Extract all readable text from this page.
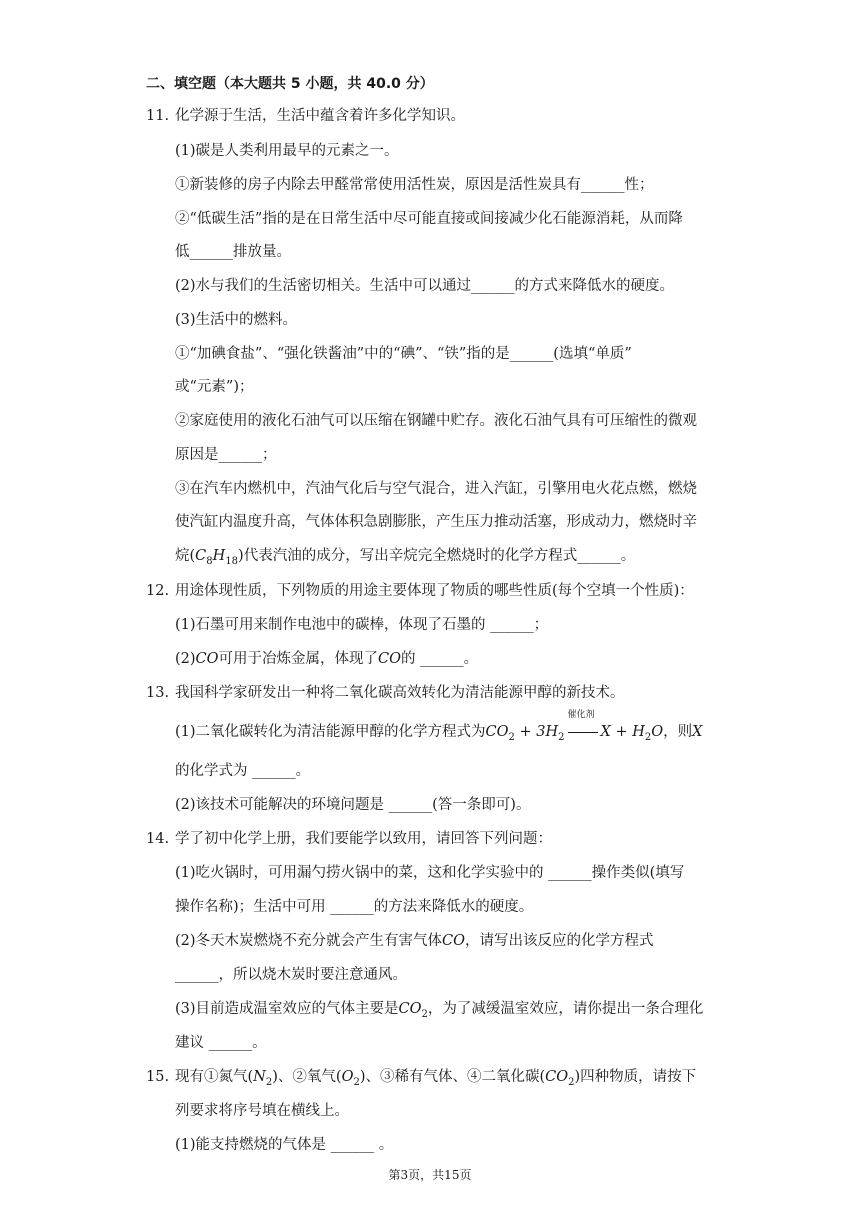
二、填空题（本大题共 5 小题，共 40.0 分）
11. 化学源于生活，生活中蕴含着许多化学知识。
(1)碳是人类利用最早的元素之一。
①新装修的房子内除去甲醛常常使用活性炭，原因是活性炭具有______性；
②“低碳生活”指的是在日常生活中尽可能直接或间接减少化石能源消耗，从而降
低______排放量。
(2)水与我们的生活密切相关。生活中可以通过______的方式来降低水的硬度。
(3)生活中的燃料。
①“加碘食盐”、“强化铁酱油”中的“碘”、“铁”指的是______(选填“单质”
或“元素”)；
②家庭使用的液化石油气可以压缩在钢罐中贮存。液化石油气具有可压缩性的微观
原因是______；
③在汽车内燃机中，汽油气化后与空气混合，进入汽缸，引擎用电火花点燃，燃烧
使汽缸内温度升高，气体体积急剧膨胀，产生压力推动活塞，形成动力，燃烧时辛
烷$(C_8H_{18})$代表汽油的成分，写出辛烷完全燃烧时的化学方程式______。
12. 用途体现性质，下列物质的用途主要体现了物质的哪些性质(每个空填一个性质)：
(1)石墨可用来制作电池中的碳棒，体现了石墨的 ______；
(2)CO可用于冶炼金属，体现了CO的 ______。
13. 我国科学家研发出一种将二氧化碳高效转化为清洁能源甲醇的新技术。
(1)二氧化碳转化为清洁能源甲醇的化学方程式为$CO_2 + 3H_2$
催化剂
$X + H_2O$，则X
的化学式为 ______。
(2)该技术可能解决的环境问题是 ______(答一条即可)。
14. 学了初中化学上册，我们要能学以致用，请回答下列问题：
(1)吃火锅时，可用漏勺捞火锅中的菜，这和化学实验中的 ______操作类似(填写
操作名称)；生活中可用 ______的方法来降低水的硬度。
(2)冬天木炭燃烧不充分就会产生有害气体CO，请写出该反应的化学方程式
______，所以烧木炭时要注意通风。
(3)目前造成温室效应的气体主要是$CO_2$，为了减缓温室效应，请你提出一条合理化
建议 ______。
15. 现有①氮气$(N_2)$、②氧气$(O_2)$、③稀有气体、④二氧化碳$(CO_2)$四种物质，请按下
列要求将序号填在横线上。
(1)能支持燃烧的气体是 ______ 。
第3页，共15页
